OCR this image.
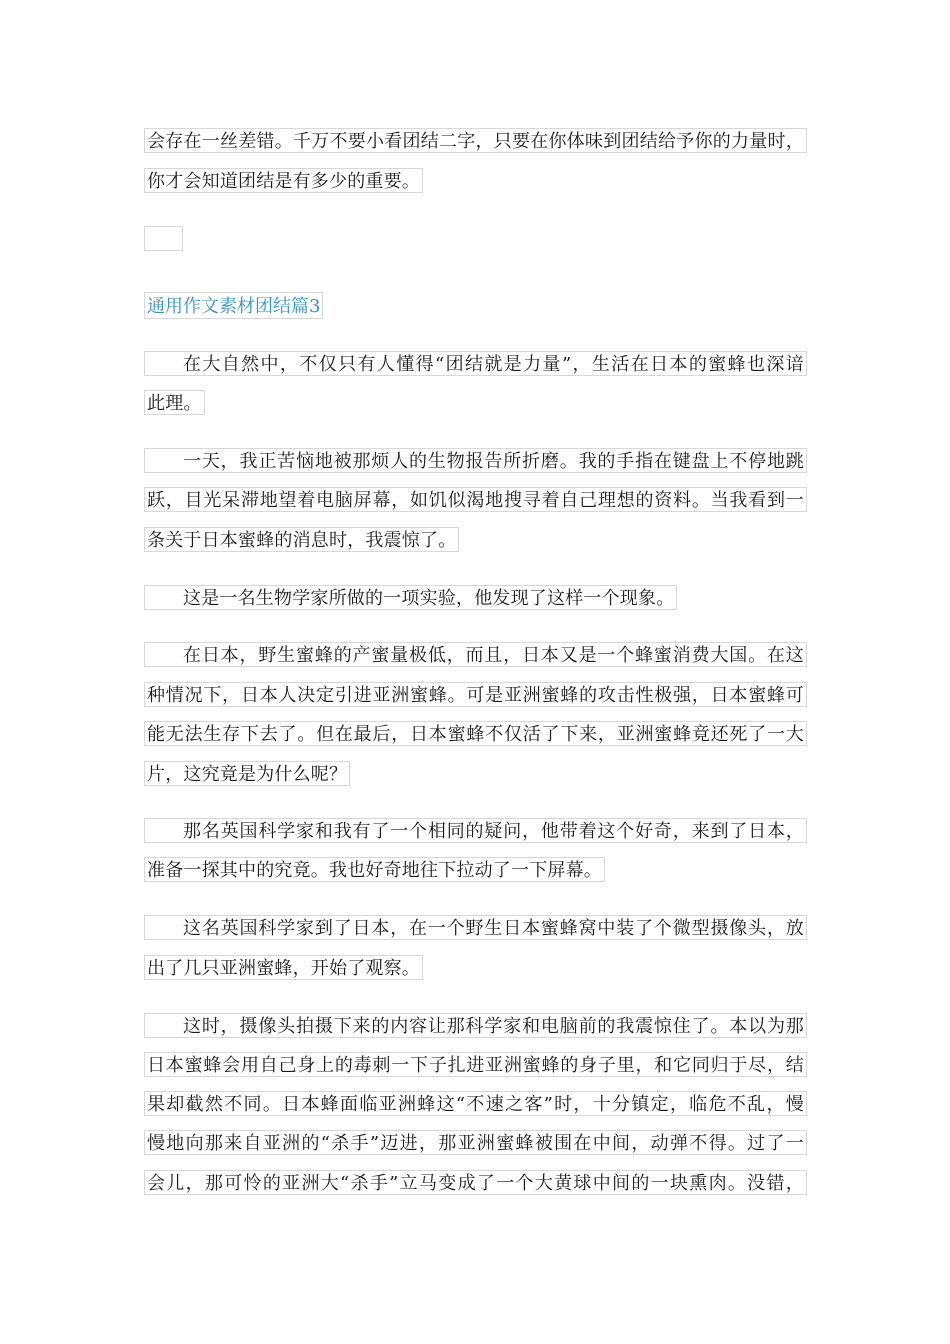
会存在一丝差错。千万不要小看团结二字，只要在你体味到团结给予你的力量时，
你才会知道团结是有多少的重要。
通用作文素材团结篇3
在大自然中，不仅只有人懂得“团结就是力量”，生活在日本的蜜蜂也深谙
此理。
一天，我正苦恼地被那烦人的生物报告所折磨。我的手指在键盘上不停地跳
跃，目光呆滞地望着电脑屏幕，如饥似渴地搜寻着自己理想的资料。当我看到一
条关于日本蜜蜂的消息时，我震惊了。
这是一名生物学家所做的一项实验，他发现了这样一个现象。
在日本，野生蜜蜂的产蜜量极低，而且，日本又是一个蜂蜜消费大国。在这
种情况下，日本人决定引进亚洲蜜蜂。可是亚洲蜜蜂的攻击性极强，日本蜜蜂可
能无法生存下去了。但在最后，日本蜜蜂不仅活了下来，亚洲蜜蜂竟还死了一大
片，这究竟是为什么呢？
那名英国科学家和我有了一个相同的疑问，他带着这个好奇，来到了日本，
准备一探其中的究竟。我也好奇地往下拉动了一下屏幕。
这名英国科学家到了日本，在一个野生日本蜜蜂窝中装了个微型摄像头，放
出了几只亚洲蜜蜂，开始了观察。
这时，摄像头拍摄下来的内容让那科学家和电脑前的我震惊住了。本以为那
日本蜜蜂会用自己身上的毒刺一下子扎进亚洲蜜蜂的身子里，和它同归于尽，结
果却截然不同。日本蜂面临亚洲蜂这“不速之客”时，十分镇定，临危不乱，慢
慢地向那来自亚洲的“杀手”迈进，那亚洲蜜蜂被围在中间，动弹不得。过了一
会儿，那可怜的亚洲大“杀手”立马变成了一个大黄球中间的一块熏肉。没错，
